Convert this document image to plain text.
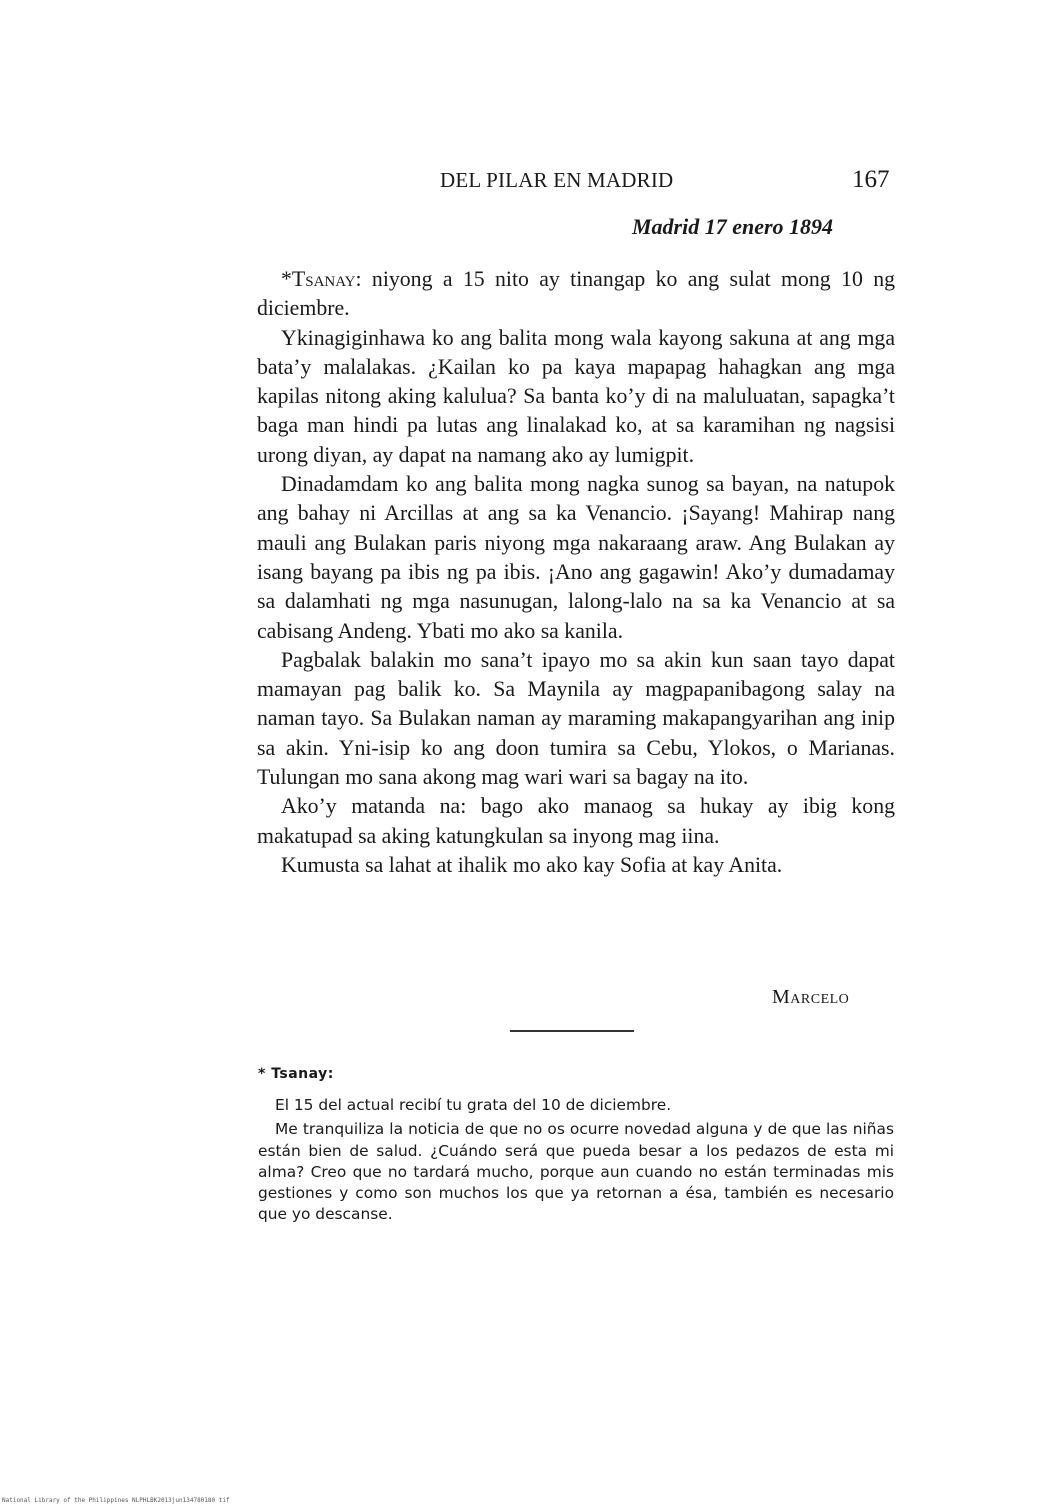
DEL PILAR EN MADRID	167
Madrid 17 enero 1894

*Tsanay: niyong a 15 nito ay tinangap ko ang sulat mong 10 ng diciembre.

Ykinagiginhawa ko ang balita mong wala kayong sakuna at ang mga bata’y malalakas. ¿Kailan ko pa kaya mapapag hahagkan ang mga kapilas nitong aking kalulua? Sa banta ko’y di na maluluatan, sapagka’t baga man hindi pa lutas ang linalakad ko, at sa karamihan ng nagsisi urong diyan, ay dapat na namang ako ay lumigpit.

Dinadamdam ko ang balita mong nagka sunog sa bayan, na natupok ang bahay ni Arcillas at ang sa ka Venancio. ¡Sayang! Mahirap nang mauli ang Bulakan paris niyong mga nakaraang araw. Ang Bulakan ay isang bayang pa ibis ng pa ibis. ¡Ano ang gagawin! Ako’y dumadamay sa dalamhati ng mga nasunugan, lalong-lalo na sa ka Venancio at sa cabisang Andeng. Ybati mo ako sa kanila.

Pagbalak balakin mo sana’t ipayo mo sa akin kun saan tayo dapat mamayan pag balik ko. Sa Maynila ay magpapanibagong salay na naman tayo. Sa Bulakan naman ay maraming makapangyarihan ang inip sa akin. Yni-isip ko ang doon tumira sa Cebu, Ylokos, o Marianas. Tulungan mo sana akong mag wari wari sa bagay na ito.

Ako’y matanda na: bago ako manaog sa hukay ay ibig kong makatupad sa aking katungkulan sa inyong mag iina.

Kumusta sa lahat at ihalik mo ako kay Sofia at kay Anita.

Marcelo
* Tsanay:

El 15 del actual recibí tu grata del 10 de diciembre.

Me tranquiliza la noticia de que no os ocurre novedad alguna y de que las niñas están bien de salud. ¿Cuándo será que pueda besar a los pedazos de esta mi alma? Creo que no tardará mucho, porque aun cuando no están terminadas mis gestiones y como son muchos los que ya retornan a ésa, también es necesario que yo descanse.

National Library of the Philippines NLPHLBK2013jun134780180 tif
